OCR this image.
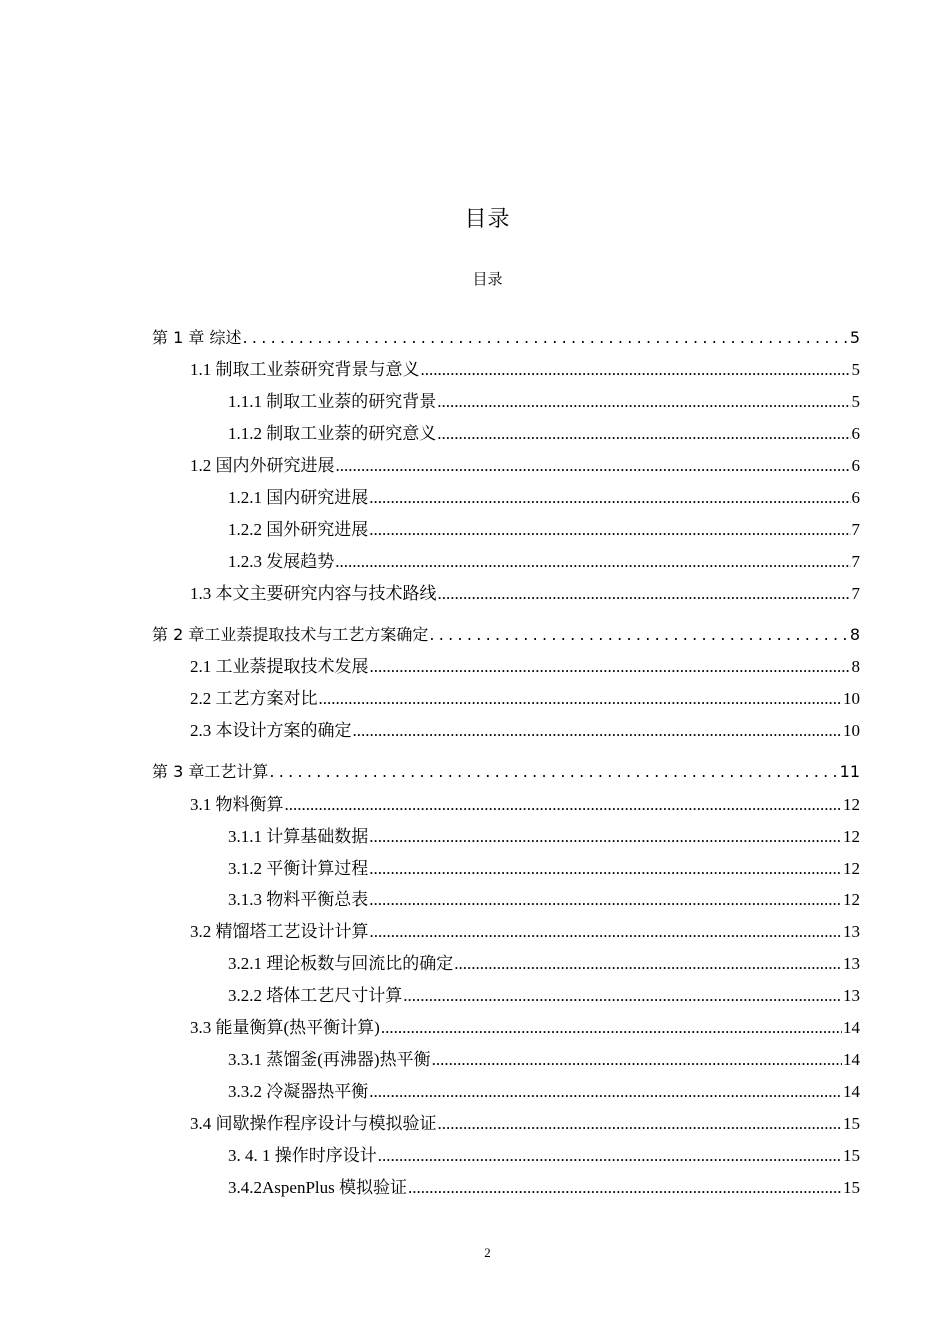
目录
目录
第 1 章 综述 .....	5
1.1 制取工业萘研究背景与意义 .....	5
1.1.1 制取工业萘的研究背景 .....	5
1.1.2 制取工业萘的研究意义 .....	6
1.2 国内外研究进展 .....	6
1.2.1 国内研究进展 .....	6
1.2.2 国外研究进展 .....	7
1.2.3 发展趋势 .....	7
1.3 本文主要研究内容与技术路线 .....	7
第 2 章工业萘提取技术与工艺方案确定 .....	8
2.1 工业萘提取技术发展 .....	8
2.2 工艺方案对比 .....	10
2.3 本设计方案的确定 .....	10
第 3 章工艺计算 .....	11
3.1 物料衡算 .....	12
3.1.1 计算基础数据 .....	12
3.1.2 平衡计算过程 .....	12
3.1.3 物料平衡总表 .....	12
3.2 精馏塔工艺设计计算 .....	13
3.2.1 理论板数与回流比的确定 .....	13
3.2.2 塔体工艺尺寸计算 .....	13
3.3 能量衡算(热平衡计算) .....	14
3.3.1 蒸馏釜(再沸器)热平衡 .....	14
3.3.2 冷凝器热平衡 .....	14
3.4 间歇操作程序设计与模拟验证 .....	15
3. 4. 1 操作时序设计 .....	15
3.4.2AspenPlus 模拟验证 .....	15
2
